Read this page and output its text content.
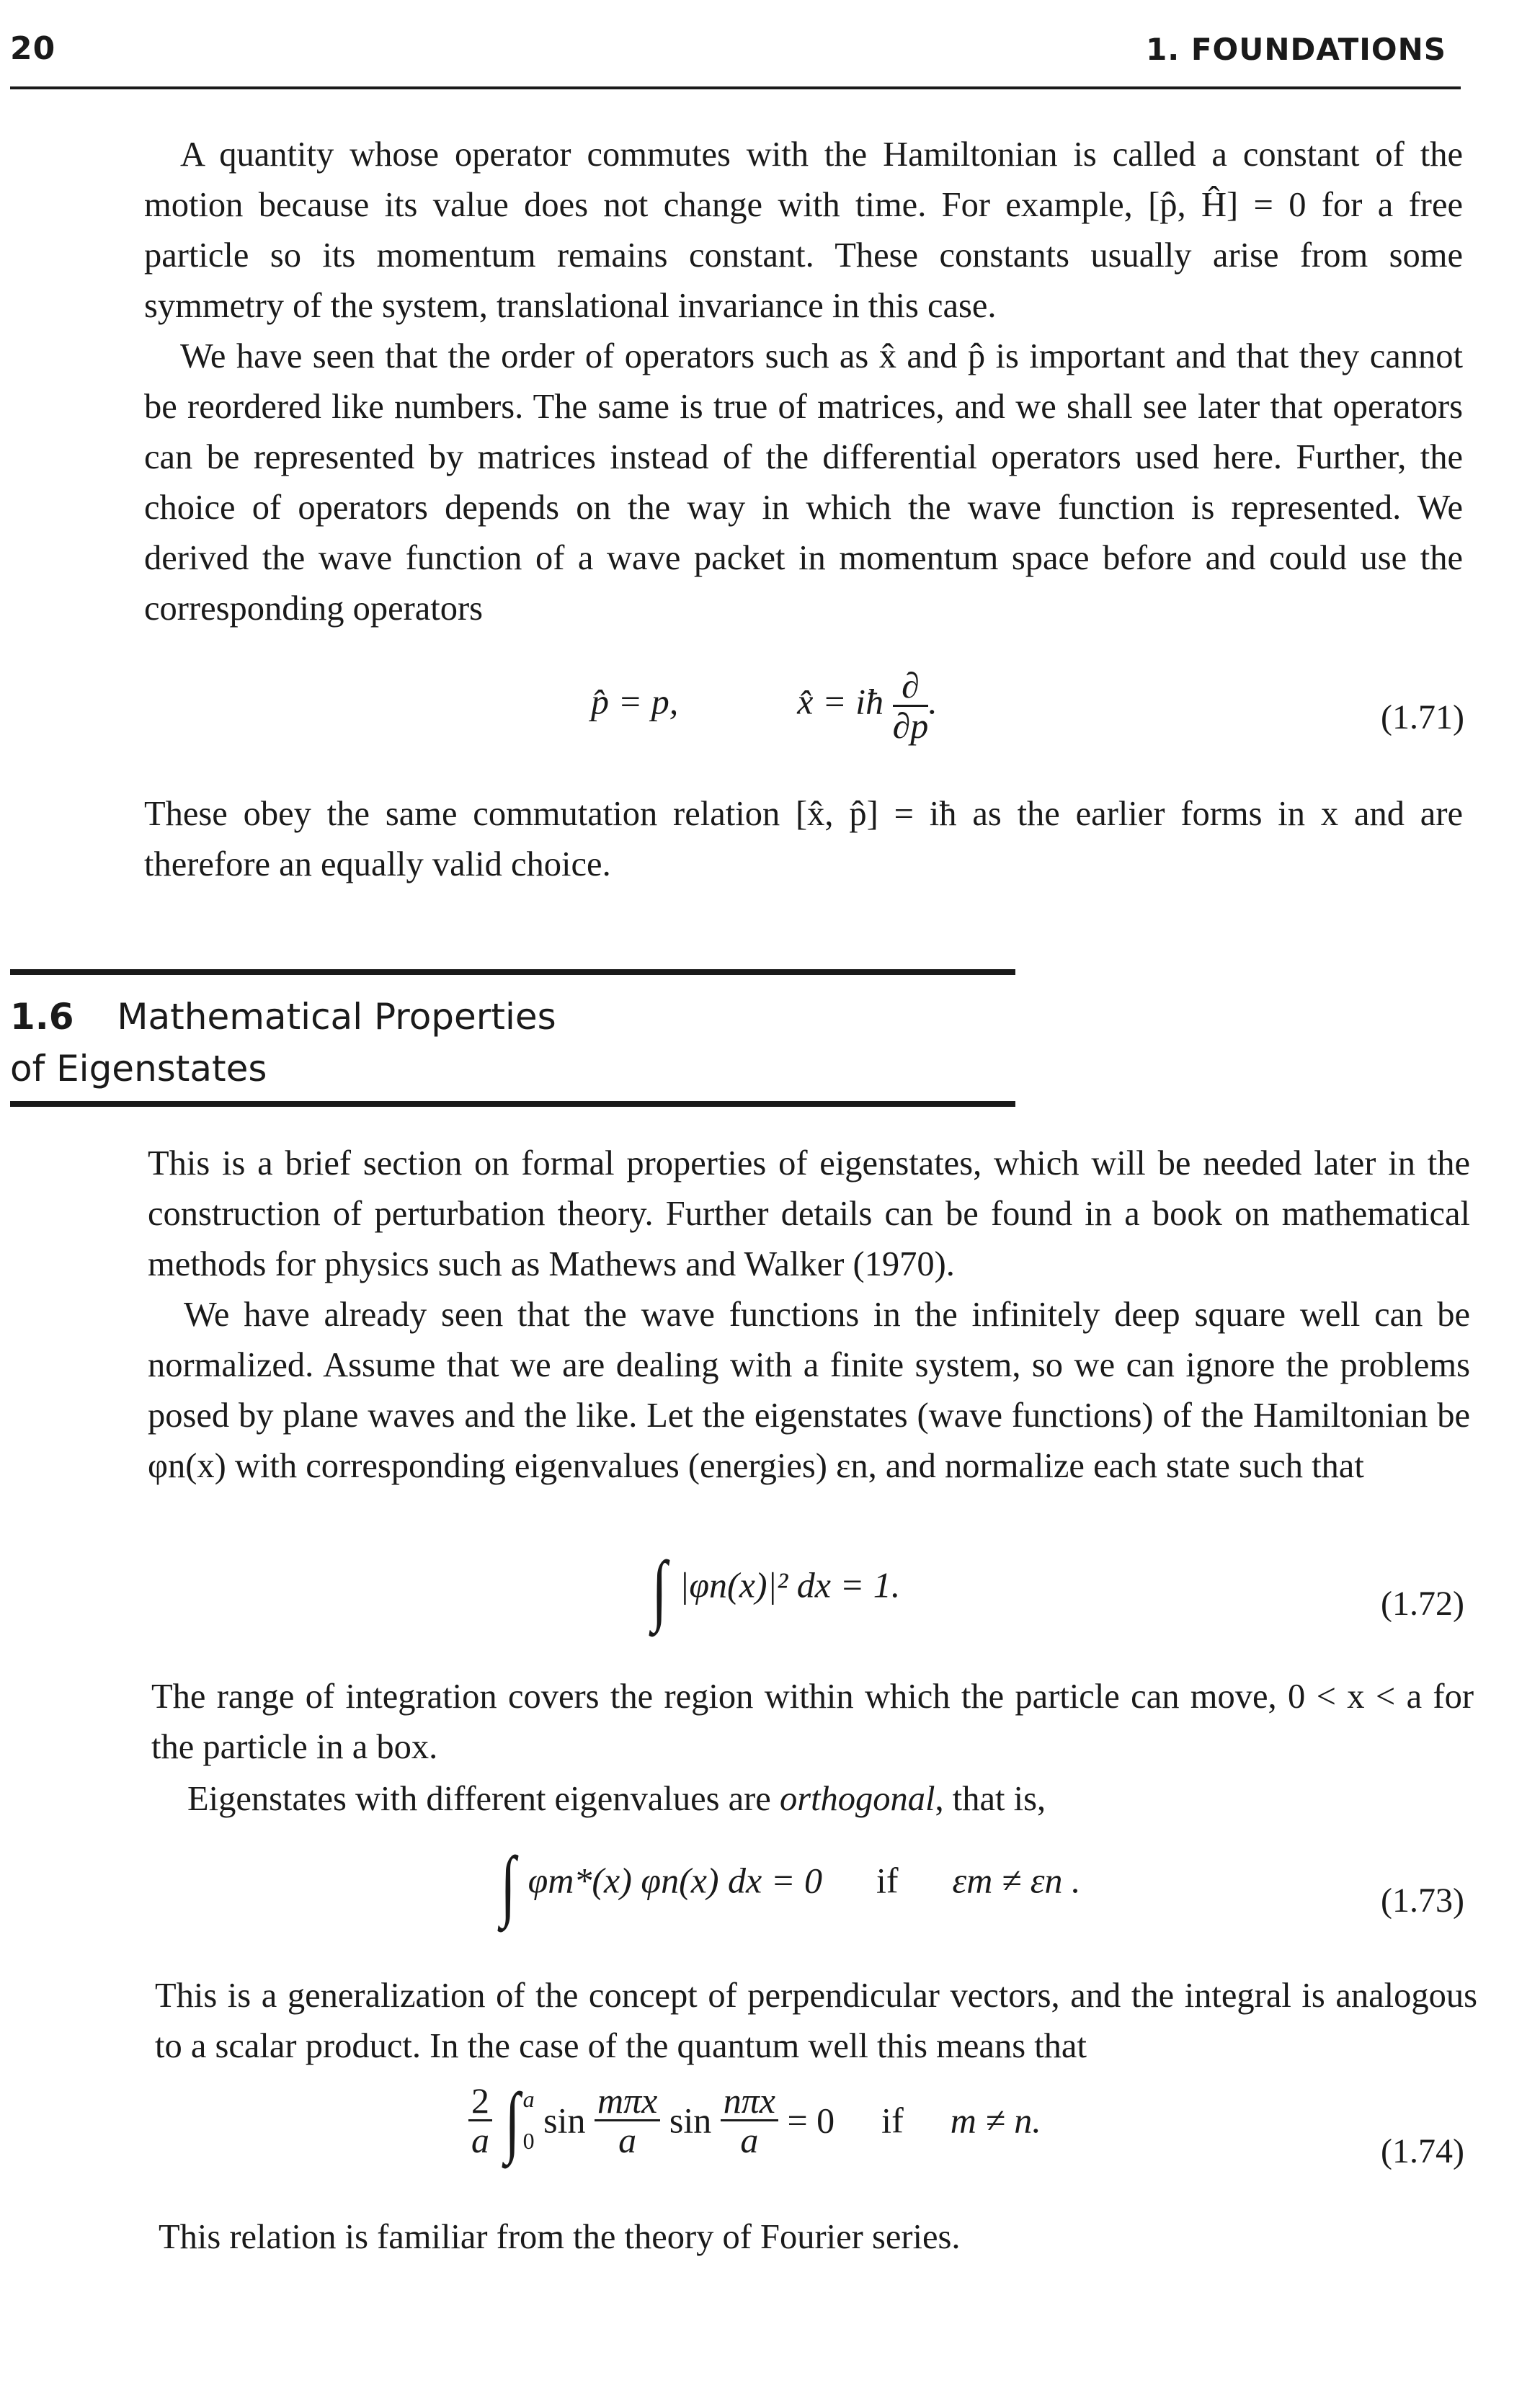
20	1. FOUNDATIONS

A quantity whose operator commutes with the Hamiltonian is called a constant of the motion because its value does not change with time. For example, [p̂, Ĥ] = 0 for a free particle so its momentum remains constant. These constants usually arise from some symmetry of the system, translational invariance in this case.

We have seen that the order of operators such as x̂ and p̂ is important and that they cannot be reordered like numbers. The same is true of matrices, and we shall see later that operators can be represented by matrices instead of the differential operators used here. Further, the choice of operators depends on the way in which the wave function is represented. We derived the wave function of a wave packet in momentum space before and could use the corresponding operators

p̂ = p,	x̂ = iħ $\frac{\partial}{\partial p}$ .	(1.71)

These obey the same commutation relation [x̂, p̂] = iħ as the earlier forms in x and are therefore an equally valid choice.

1.6 Mathematical Properties
of Eigenstates

This is a brief section on formal properties of eigenstates, which will be needed later in the construction of perturbation theory. Further details can be found in a book on mathematical methods for physics such as Mathews and Walker (1970).

We have already seen that the wave functions in the infinitely deep square well can be normalized. Assume that we are dealing with a finite system, so we can ignore the problems posed by plane waves and the like. Let the eigenstates (wave functions) of the Hamiltonian be φn(x) with corresponding eigenvalues (energies) εn, and normalize each state such that

∫ |φn(x)|² dx = 1.	(1.72)

The range of integration covers the region within which the particle can move, 0 < x < a for the particle in a box.

Eigenstates with different eigenvalues are orthogonal, that is,

∫ φm*(x) φn(x) dx = 0 if εm ≠ εn .
(1.73)

This is a generalization of the concept of perpendicular vectors, and the integral is analogous to a scalar product. In the case of the quantum well this means that

$\frac{2}{a}$ ∫ a
0 $\sin \frac{\text{mπx}}{a}$ $\sin \frac{\text{nπx}}{a} = 0$ if m ≠ n.
(1.74)

This relation is familiar from the theory of Fourier series.
